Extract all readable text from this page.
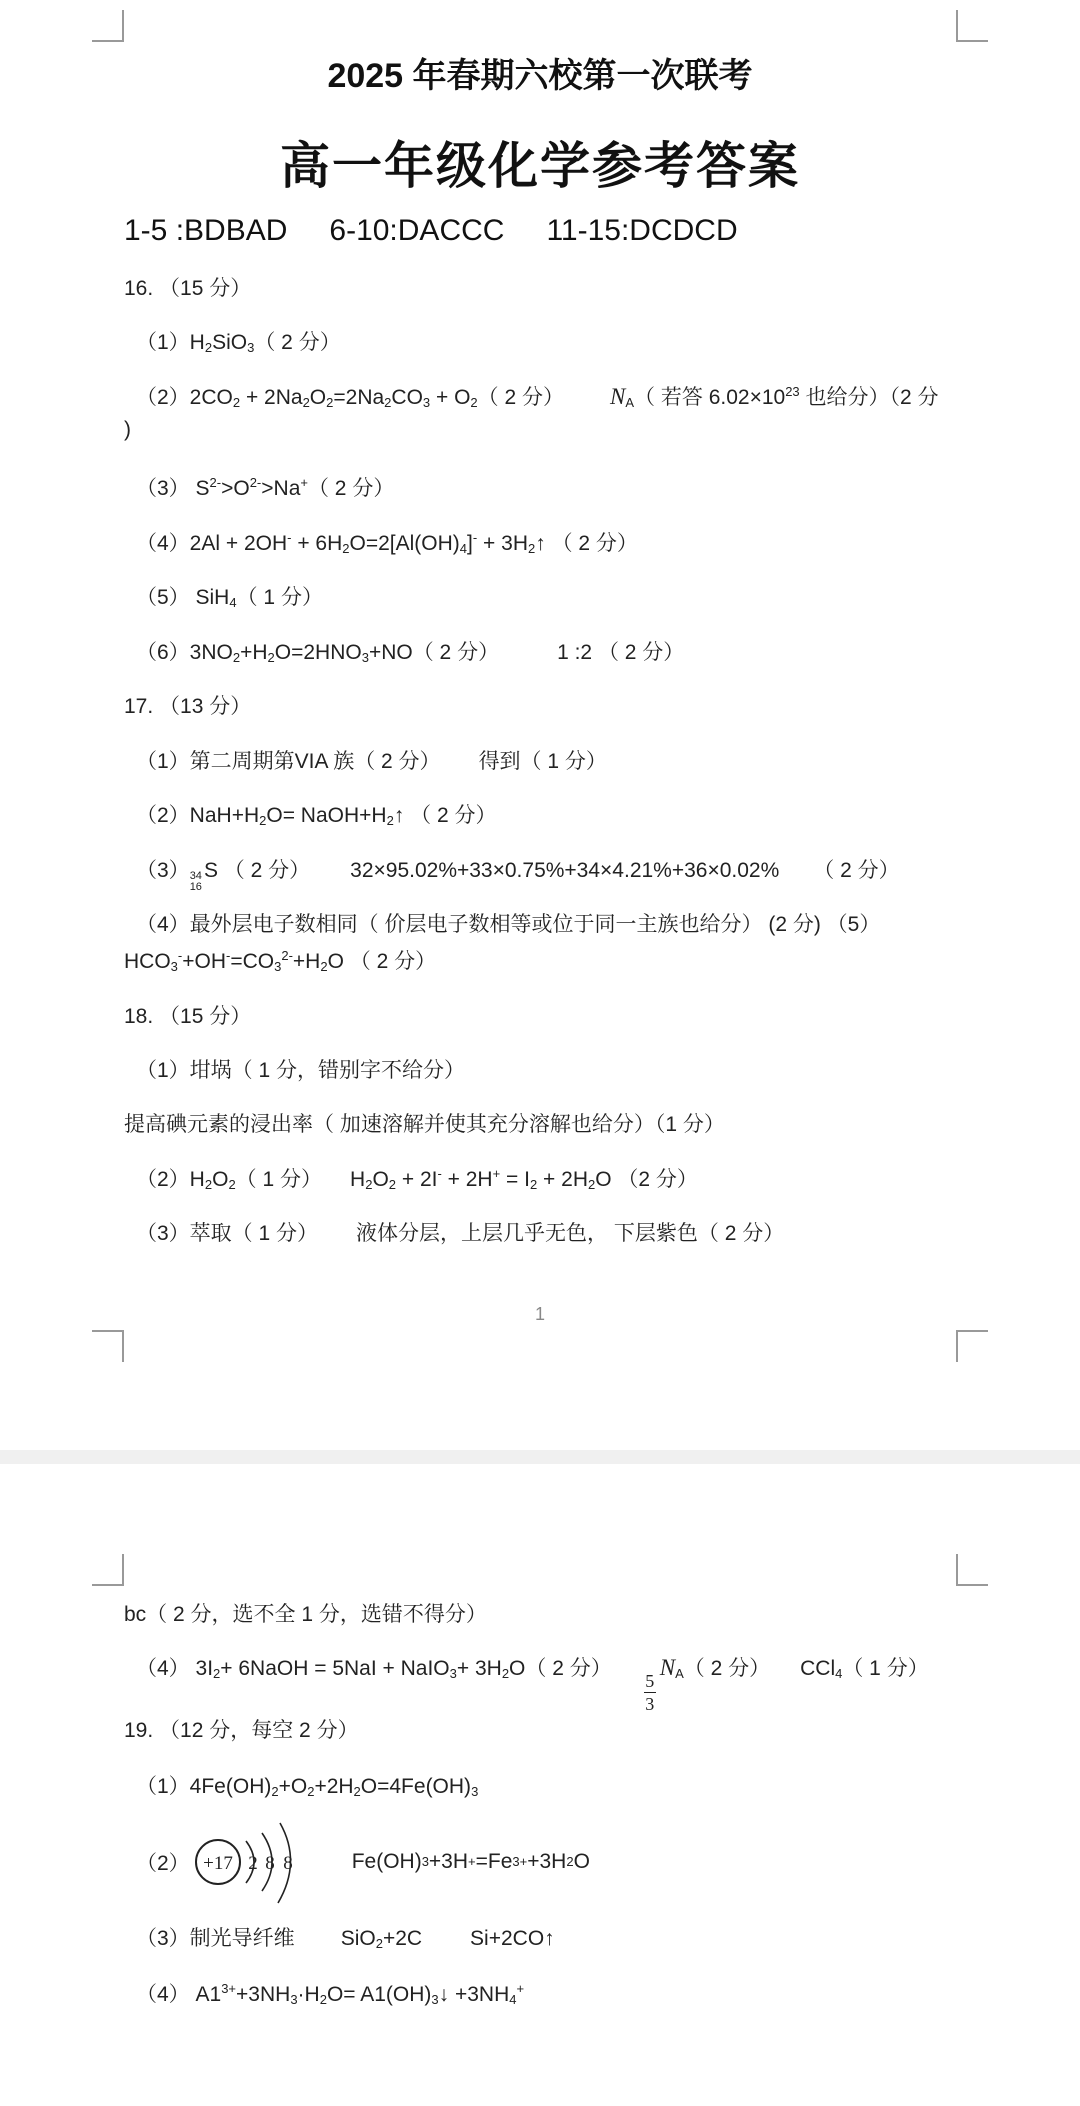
2025 年春期六校第一次联考
高一年级化学参考答案
1-5 :BDBAD 6-10:DACCC 11-15:DCDCD
16. （15 分）
$(1)H_2SiO_3$（ 2 分）
$(2)2CO_2 + 2Na_2O_2=2Na_2CO_3 + O_2$（ 2 分） $N_A$（ 若答 $6.02\times 10^{23}$ 也给分）（2 分
)
（3） $S^{2-}>O^{2-}>Na^+$（ 2 分）
$(4)2Al + 2OH^- + 6H_2O=2[Al(OH)_4]^-$ + $3H_2↑$ （ 2 分）
（5） SiH$_4$（ 1 分）
$(6)3NO_2+H_2O=2HNO_3+NO$（ 2 分）	1 :2 （ 2 分）
17. （13 分）
（1）第二周期第VIA 族（ 2 分） 得到（ 1 分）
$(2)NaH+H_2O=$ $NaOH+H_2↑$ （ 2 分）
（3） 34
16
S （ 2 分） 32×95.02%+33×0.75%+34×4.21%+36×0.02% （ 2 分）
（4）最外层电子数相同（ 价层电子数相等或位于同一主族也给分） (2 分) （5）
$HCO_3^-+OH^-=CO_3^{2-}+H_2O$ （ 2 分）
18. （15 分）
（1）坩埚（ 1 分，错别字不给分）
提高碘元素的浸出率（ 加速溶解并使其充分溶解也给分）（1 分）
$(2)H_2O_2$（ 1 分） $H_2O_2 + 2I^- + 2H^+ = I_2 + 2H_2O$ （2 分）
（3）萃取（ 1 分） 液体分层，上层几乎无色， 下层紫色（ 2 分）
1
bc（ 2 分，选不全 1 分，选错不得分）
（4） $3I_2+$ 6NaOH = 5NaI + NaIO$_3$+ $3H_2O$（ 2 分）
$\frac{5}{3}$
$N_A$（ 2 分） CCl$_4$（ 1 分）
19. （12 分，每空 2 分）
$(1)4Fe(OH)_2+O_2+2H_2O=4Fe(OH)_3$
（2） +17 2 8 8	Fe(OH) 3 +3H + =Fe 3+ +3H 2 O
（3）制光导纤维 SiO$_2$+2C Si+2CO↑
（4） $A1^{3+}+3NH_3\cdot H_2O=$ $A1(OH)_3↓ +3NH_4^+$
